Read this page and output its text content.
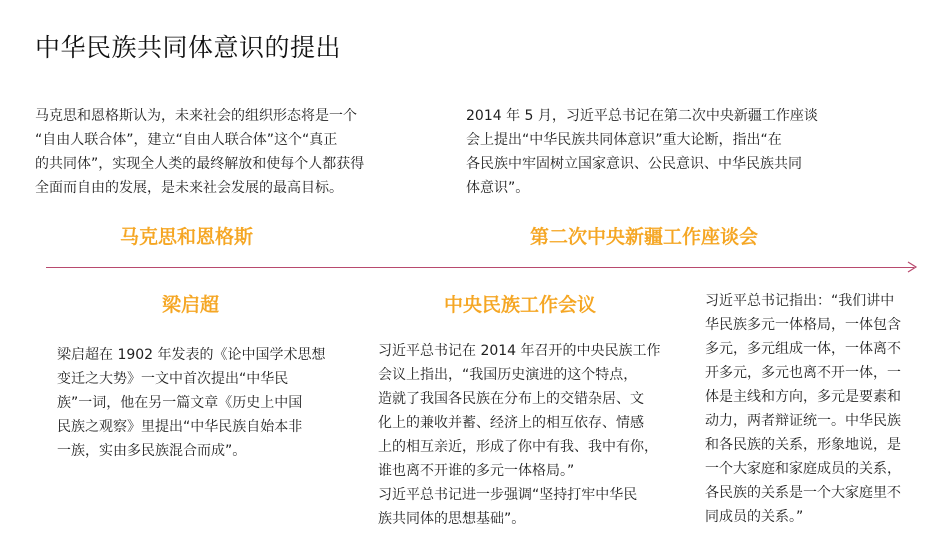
中华民族共同体意识的提出
马克思和恩格斯认为，未来社会的组织形态将是一个
“自由人联合体”，建立“自由人联合体”这个“真正
的共同体”，实现全人类的最终解放和使每个人都获得
全面而自由的发展，是未来社会发展的最高目标。
2014 年 5 月，习近平总书记在第二次中央新疆工作座谈
会上提出“中华民族共同体意识”重大论断，指出“在
各民族中牢固树立国家意识、公民意识、中华民族共同
体意识”。
马克思和恩格斯	第二次中央新疆工作座谈会
梁启超	中央民族工作会议
梁启超在 1902 年发表的《论中国学术思想
变迁之大势》一文中首次提出“中华民
族”一词，他在另一篇文章《历史上中国
民族之观察》里提出“中华民族自始本非
一族，实由多民族混合而成”。
习近平总书记在 2014 年召开的中央民族工作
会议上指出，“我国历史演进的这个特点，
造就了我国各民族在分布上的交错杂居、文
化上的兼收并蓄、经济上的相互依存、情感
上的相互亲近，形成了你中有我、我中有你，
谁也离不开谁的多元一体格局。”
习近平总书记进一步强调“坚持打牢中华民
族共同体的思想基础”。
习近平总书记指出：“我们讲中
华民族多元一体格局，一体包含
多元，多元组成一体，一体离不
开多元，多元也离不开一体，一
体是主线和方向，多元是要素和
动力，两者辩证统一。中华民族
和各民族的关系，形象地说，是
一个大家庭和家庭成员的关系，
各民族的关系是一个大家庭里不
同成员的关系。”
